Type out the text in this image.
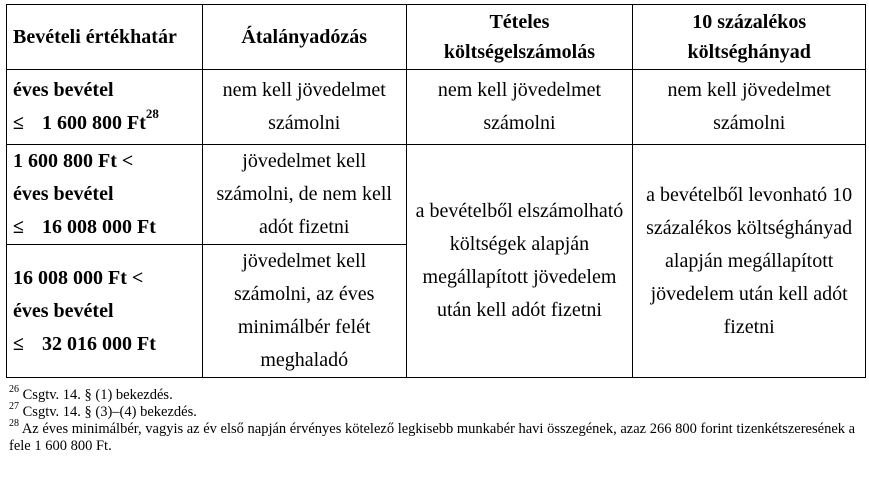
Bevételi értékhatár	Átalányadózás	Tételes költségelszámolás	10 százalékos költséghányad

éves bevétel
≤ 1 600 800 Ft$^{28}$	nem kell jövedelmet számolni	nem kell jövedelmet számolni	nem kell jövedelmet számolni

1 600 800 Ft <
éves bevétel
≤ 16 008 000 Ft	jövedelmet kell számolni, de nem kell adót fizetni	a bevételből elszámolható költségek alapján megállapított jövedelem után kell adót fizetni	a bevételből levonható 10 százalékos költséghányad alapján megállapított jövedelem után kell adót fizetni

16 008 000 Ft <
éves bevétel
≤ 32 016 000 Ft	jövedelmet kell számolni, az éves minimálbér felét meghaladó		

$^{26}$ Csgtv. 14. § (1) bekezdés.

$^{27}$ Csgtv. 14. § (3)–(4) bekezdés.

$^{28}$ Az éves minimálbér, vagyis az év első napján érvényes kötelező legkisebb munkabér havi összegének, azaz 266 800 forint tizenkétszeresének a fele 1 600 800 Ft.
